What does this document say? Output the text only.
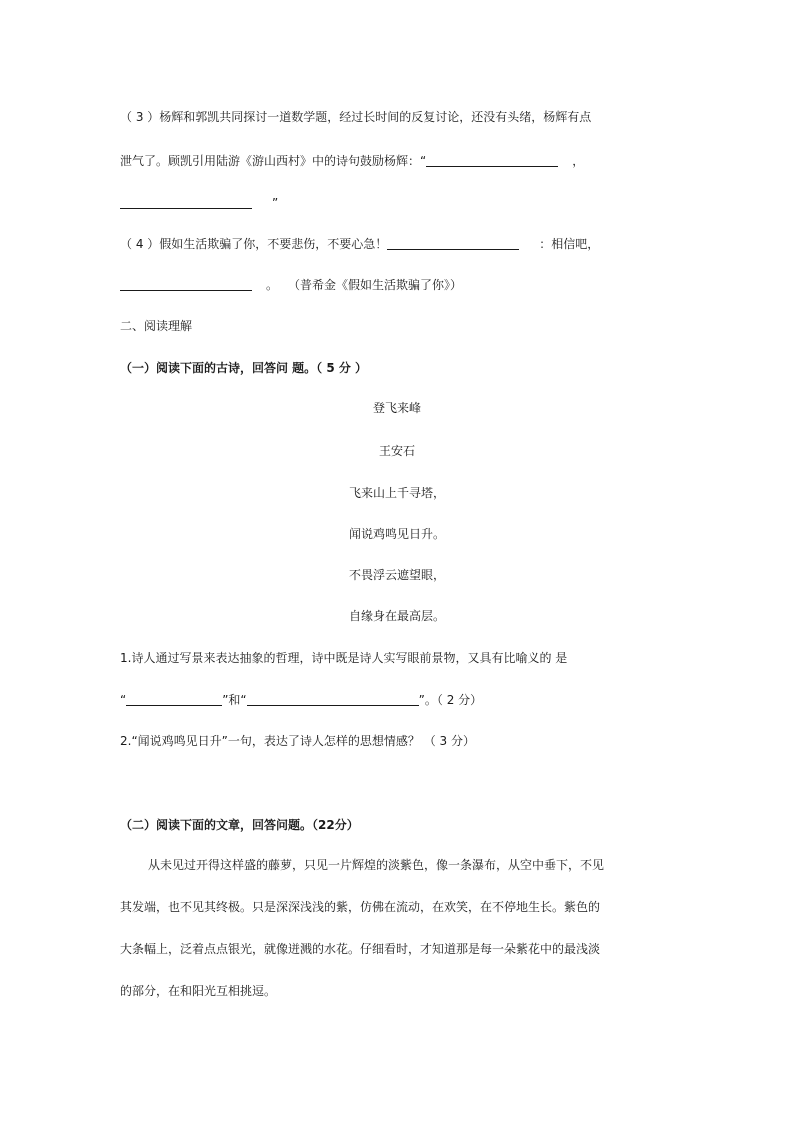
（ 3 ）杨辉和郭凯共同探讨一道数学题，经过长时间的反复讨论，还没有头绪，杨辉有点
泄气了。顾凯引用陆游《游山西村》中的诗句鼓励杨辉：“	，
”
（ 4 ）假如生活欺骗了你，不要悲伤，不要心急！	：相信吧，
。 （普希金《假如生活欺骗了你》）
二、阅读理解
（一）阅读下面的古诗，回答问 题。（ 5 分 ）
登飞来峰
王安石
飞来山上千寻塔，
闻说鸡鸣见日升。
不畏浮云遮望眼，
自缘身在最高层。
1.诗人通过写景来表达抽象的哲理，诗中既是诗人实写眼前景物，又具有比喻义的 是
“	”和“	”。（ 2 分）
2.“闻说鸡鸣见日升”一句，表达了诗人怎样的思想情感？ （ 3 分）
（二）阅读下面的文章，回答问题。（22分）
从未见过开得这样盛的藤萝，只见一片辉煌的淡紫色，像一条瀑布，从空中垂下，不见
其发端，也不见其终极。只是深深浅浅的紫，仿佛在流动，在欢笑，在不停地生长。紫色的
大条幅上，泛着点点银光，就像迸溅的水花。仔细看时，才知道那是每一朵紫花中的最浅淡
的部分，在和阳光互相挑逗。
